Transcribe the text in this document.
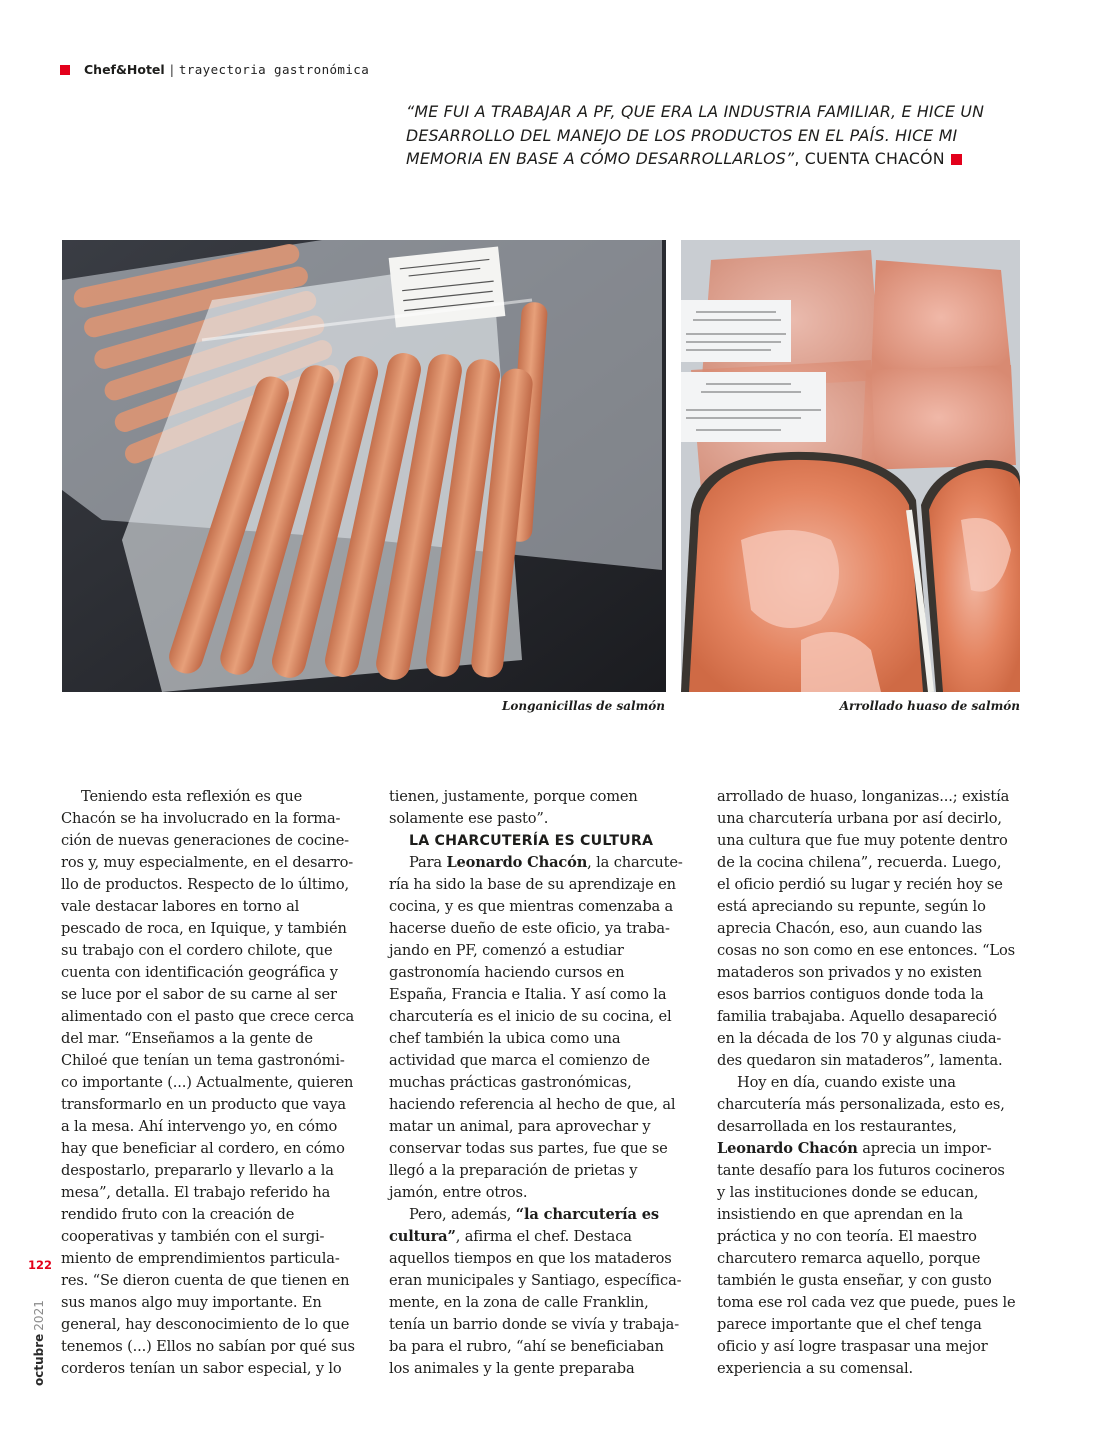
Chef&Hotel | trayectoria gastronómica
“ME FUI A TRABAJAR A PF, QUE ERA LA INDUSTRIA FAMILIAR, E HICE UN
DESARROLLO DEL MANEJO DE LOS PRODUCTOS EN EL PAÍS. HICE MI
MEMORIA EN BASE A CÓMO DESARROLLARLOS”, CUENTA CHACÓN
Longanicillas de salmón	Arrollado huaso de salmón
Teniendo esta reflexión es que
Chacón se ha involucrado en la forma-
ción de nuevas generaciones de cocine-
ros y, muy especialmente, en el desarro-
llo de productos. Respecto de lo último,
vale destacar labores en torno al
pescado de roca, en Iquique, y también
su trabajo con el cordero chilote, que
cuenta con identificación geográfica y
se luce por el sabor de su carne al ser
alimentado con el pasto que crece cerca
del mar. “Enseñamos a la gente de
Chiloé que tenían un tema gastronómi-
co importante (...) Actualmente, quieren
transformarlo en un producto que vaya
a la mesa. Ahí intervengo yo, en cómo
hay que beneficiar al cordero, en cómo
despostarlo, prepararlo y llevarlo a la
mesa”, detalla. El trabajo referido ha
rendido fruto con la creación de
cooperativas y también con el surgi-
miento de emprendimientos particula-
res. “Se dieron cuenta de que tienen en
sus manos algo muy importante. En
general, hay desconocimiento de lo que
tenemos (...) Ellos no sabían por qué sus
corderos tenían un sabor especial, y lo
tienen, justamente, porque comen
solamente ese pasto”.
LA CHARCUTERÍA ES CULTURA
Para Leonardo Chacón, la charcute-
ría ha sido la base de su aprendizaje en
cocina, y es que mientras comenzaba a
hacerse dueño de este oficio, ya traba-
jando en PF, comenzó a estudiar
gastronomía haciendo cursos en
España, Francia e Italia. Y así como la
charcutería es el inicio de su cocina, el
chef también la ubica como una
actividad que marca el comienzo de
muchas prácticas gastronómicas,
haciendo referencia al hecho de que, al
matar un animal, para aprovechar y
conservar todas sus partes, fue que se
llegó a la preparación de prietas y
jamón, entre otros.
Pero, además, “la charcutería es
cultura”, afirma el chef. Destaca
aquellos tiempos en que los mataderos
eran municipales y Santiago, específica-
mente, en la zona de calle Franklin,
tenía un barrio donde se vivía y trabaja-
ba para el rubro, “ahí se beneficiaban
los animales y la gente preparaba
arrollado de huaso, longanizas...; existía
una charcutería urbana por así decirlo,
una cultura que fue muy potente dentro
de la cocina chilena”, recuerda. Luego,
el oficio perdió su lugar y recién hoy se
está apreciando su repunte, según lo
aprecia Chacón, eso, aun cuando las
cosas no son como en ese entonces. “Los
mataderos son privados y no existen
esos barrios contiguos donde toda la
familia trabajaba. Aquello desapareció
en la década de los 70 y algunas ciuda-
des quedaron sin mataderos”, lamenta.
Hoy en día, cuando existe una
charcutería más personalizada, esto es,
desarrollada en los restaurantes,
Leonardo Chacón aprecia un impor-
tante desafío para los futuros cocineros
y las instituciones donde se educan,
insistiendo en que aprendan en la
práctica y no con teoría. El maestro
charcutero remarca aquello, porque
también le gusta enseñar, y con gusto
toma ese rol cada vez que puede, pues le
parece importante que el chef tenga
oficio y así logre traspasar una mejor
experiencia a su comensal.
122
octubre2021
